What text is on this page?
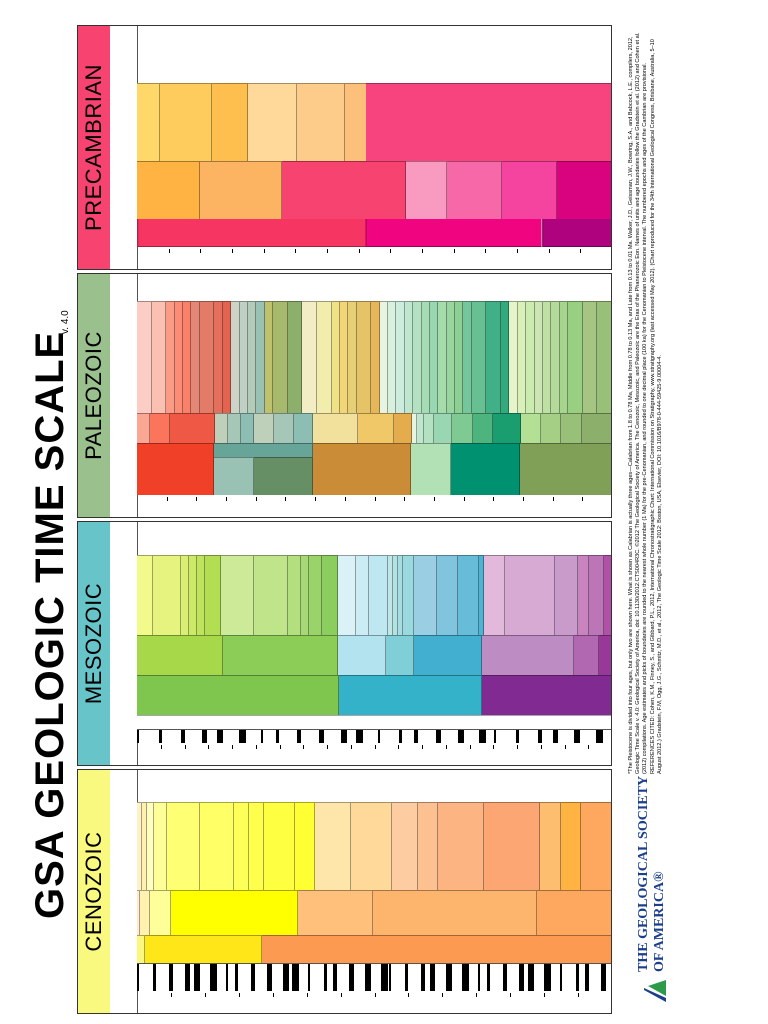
GSA GEOLOGIC TIME SCALE
v. 4.0
CENOZOIC
MESOZOIC
PALEOZOIC
PRECAMBRIAN
THE GEOLOGICAL SOCIETY OF AMERICA®
*The Pleistocene is divided into four ages, but only two are shown here. What is shown as Calabrian is actually three ages—Calabrian from 1.8 to 0.78 Ma, Middle from 0.78 to 0.13 Ma, and Late from 0.13 to 0.01 Ma. Walker, J.D., Geissman, J.W., Bowring, S.A., and Babcock, L.E., compilers, 2012, Geologic Time Scale v. 4.0: Geological Society of America, doi: 10.1130/2012.CTS004R3C. ©2012 The Geological Society of America. The Cenozoic, Mesozoic, and Paleozoic are the Eras of the Phanerozoic Eon. Names of units and age boundaries follow the Gradstein et al. (2012) and Cohen et al. (2012) compilations. Age estimates and picks of boundaries are rounded to the nearest whole number (1 Ma) for the pre-Cenomanian, and rounded to one decimal place (100 ka) for the Cenomanian to Pleistocene interval. The numbered epochs and ages of the Cambrian are provisional. REFERENCES CITED: Cohen, K.M., Finney, S., and Gibbard, P.L., 2012, International Chronostratigraphic Chart: International Commission on Stratigraphy, www.stratigraphy.org (last accessed May 2012). (Chart reproduced for the 34th International Geological Congress, Brisbane, Australia, 5–10 August 2012.) Gradstein, F.M, Ogg, J.G., Schmitz, M.D., et al., 2012, The Geologic Time Scale 2012: Boston, USA, Elsevier, DOI: 10.1016/B978-0-444-59425-9.00004-4.
